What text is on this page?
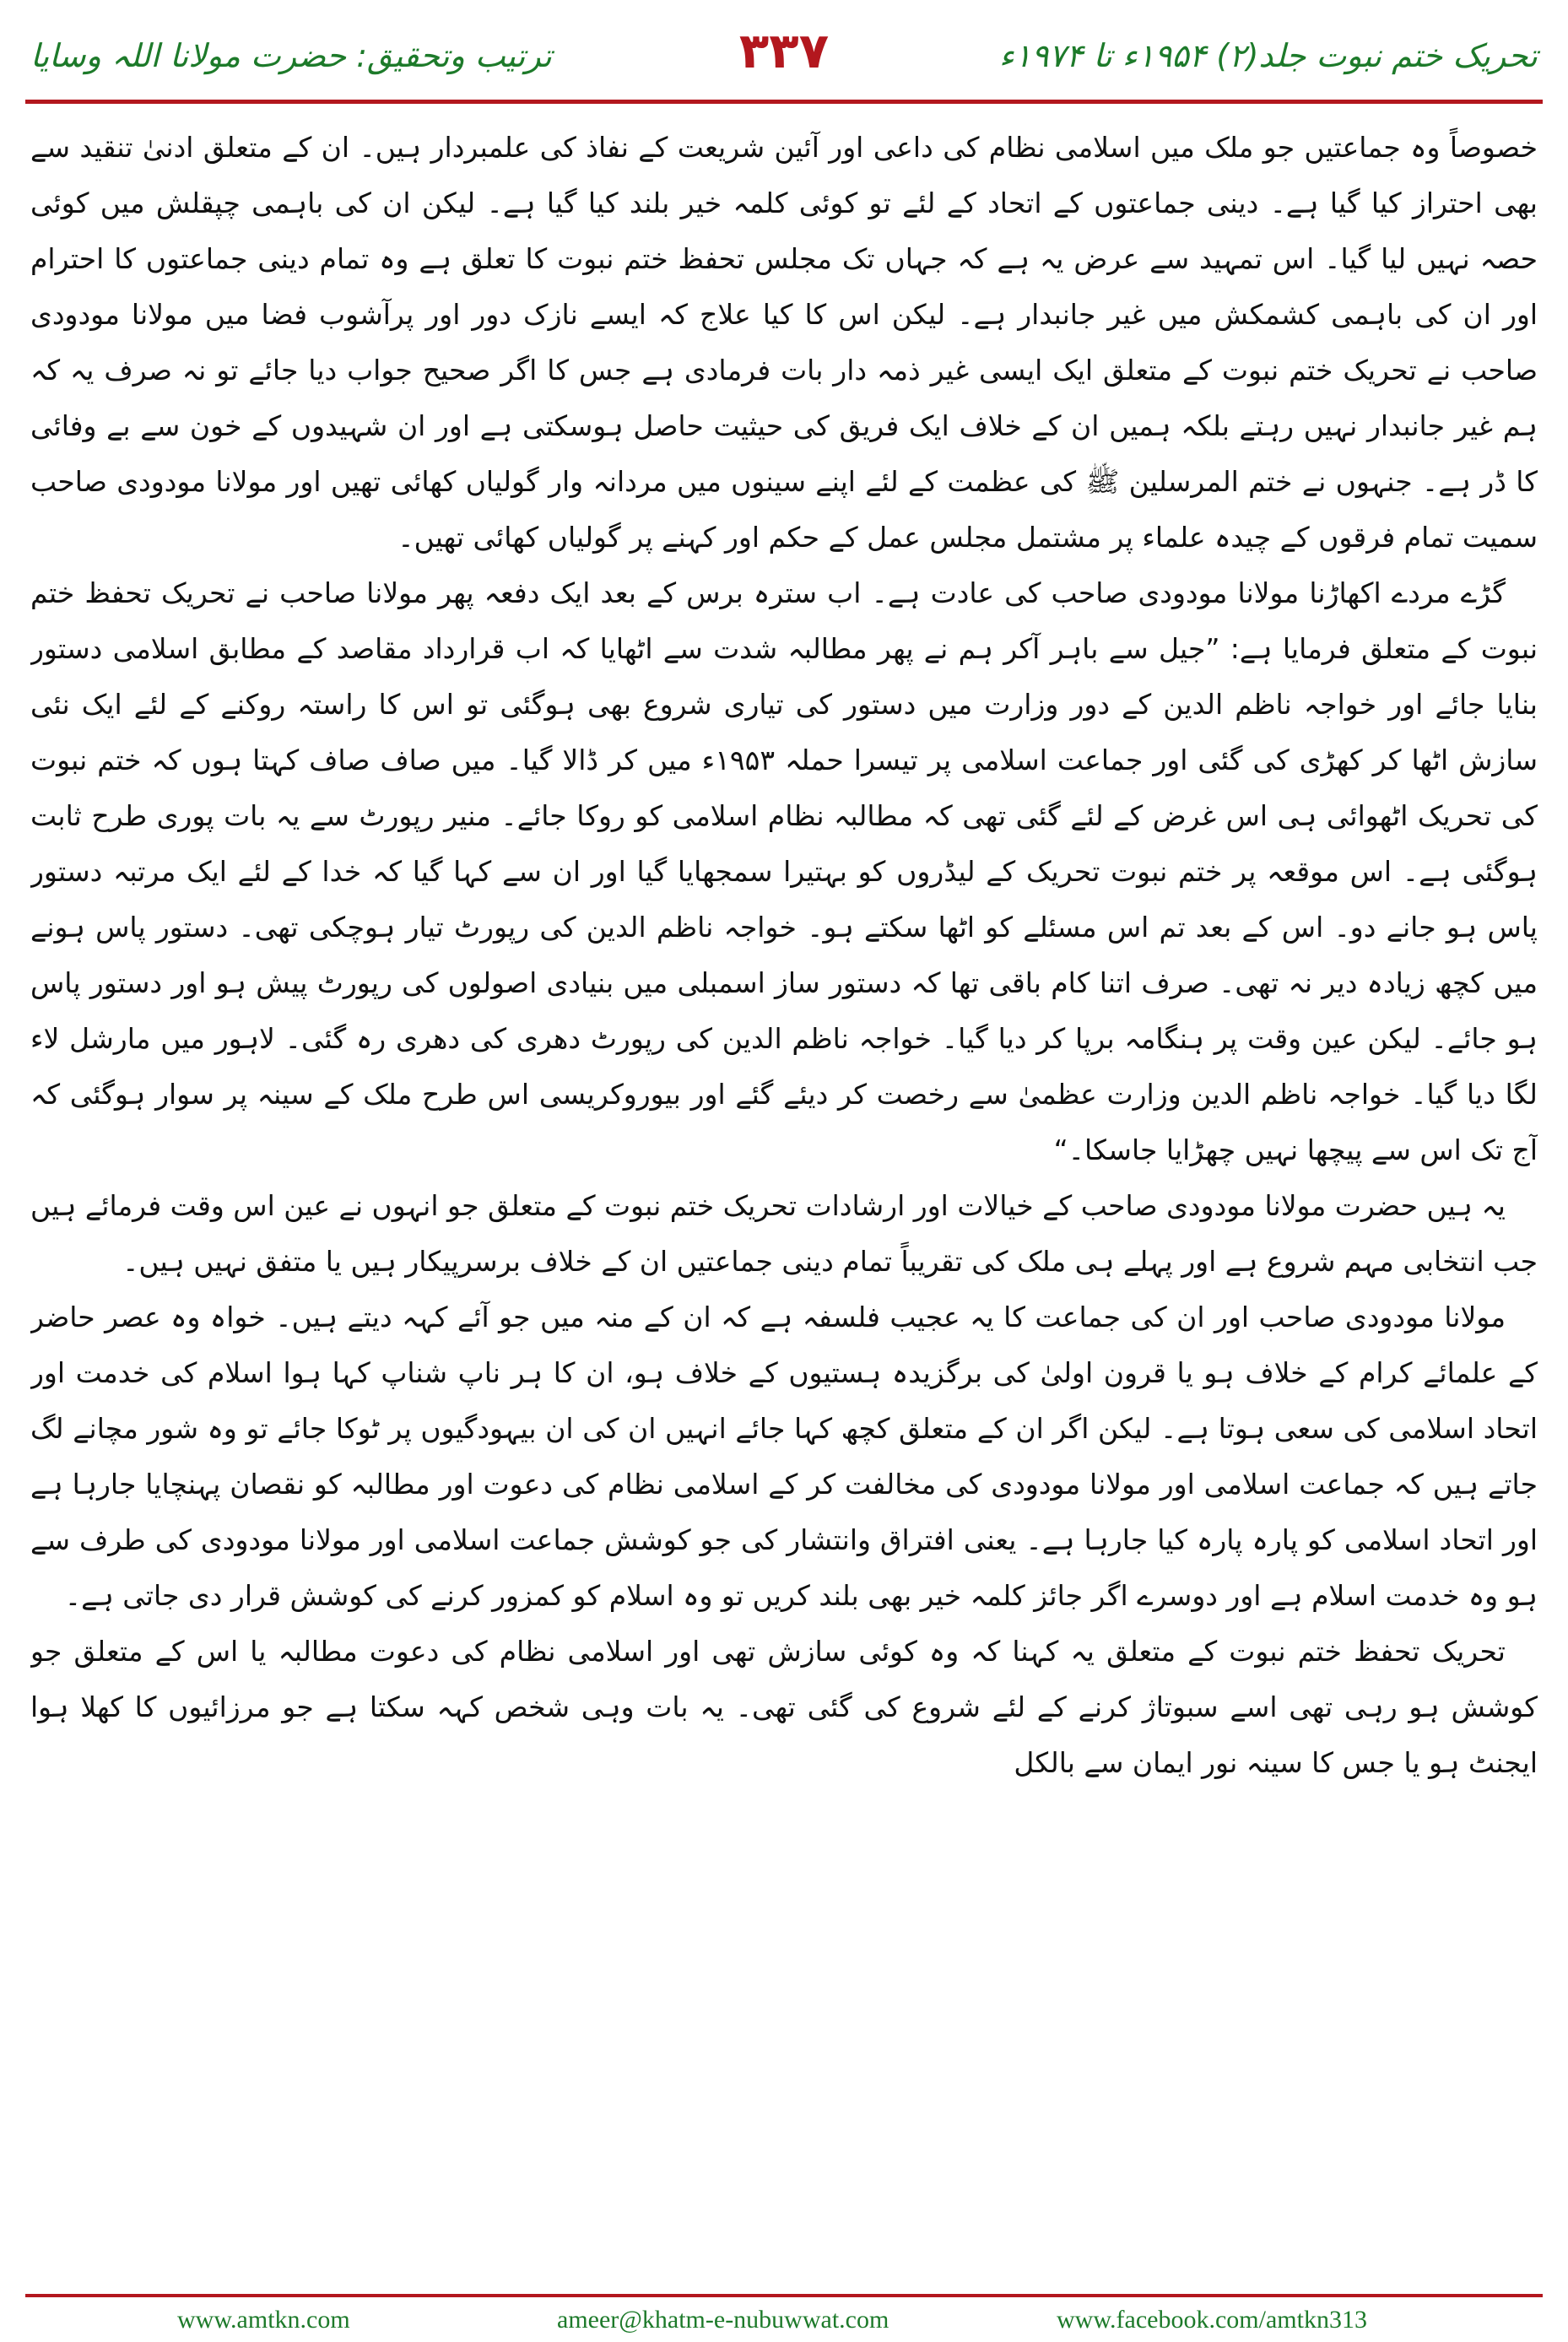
ترتیب وتحقیق: حضرت مولانا اللہ وسایا	۳۳۷	تحریک ختم نبوت جلد(۲) ۱۹۵۴ء تا ۱۹۷۴ء

خصوصاً وہ جماعتیں جو ملک میں اسلامی نظام کی داعی اور آئین شریعت کے نفاذ کی علمبردار ہیں۔ ان کے متعلق ادنیٰ تنقید سے بھی احتراز کیا گیا ہے۔ دینی جماعتوں کے اتحاد کے لئے تو کوئی کلمہ خیر بلند کیا گیا ہے۔ لیکن ان کی باہمی چپقلش میں کوئی حصہ نہیں لیا گیا۔ اس تمہید سے عرض یہ ہے کہ جہاں تک مجلس تحفظ ختم نبوت کا تعلق ہے وہ تمام دینی جماعتوں کا احترام اور ان کی باہمی کشمکش میں غیر جانبدار ہے۔ لیکن اس کا کیا علاج کہ ایسے نازک دور اور پرآشوب فضا میں مولانا مودودی صاحب نے تحریک ختم نبوت کے متعلق ایک ایسی غیر ذمہ دار بات فرمادی ہے جس کا اگر صحیح جواب دیا جائے تو نہ صرف یہ کہ ہم غیر جانبدار نہیں رہتے بلکہ ہمیں ان کے خلاف ایک فریق کی حیثیت حاصل ہوسکتی ہے اور ان شہیدوں کے خون سے بے وفائی کا ڈر ہے۔ جنہوں نے ختم المرسلین ﷺ کی عظمت کے لئے اپنے سینوں میں مردانہ وار گولیاں کھائی تھیں اور مولانا مودودی صاحب سمیت تمام فرقوں کے چیدہ علماء پر مشتمل مجلس عمل کے حکم اور کہنے پر گولیاں کھائی تھیں۔

گڑے مردے اکھاڑنا مولانا مودودی صاحب کی عادت ہے۔ اب سترہ برس کے بعد ایک دفعہ پھر مولانا صاحب نے تحریک تحفظ ختم نبوت کے متعلق فرمایا ہے: ”جیل سے باہر آکر ہم نے پھر مطالبہ شدت سے اٹھایا کہ اب قرارداد مقاصد کے مطابق اسلامی دستور بنایا جائے اور خواجہ ناظم الدین کے دور وزارت میں دستور کی تیاری شروع بھی ہوگئی تو اس کا راستہ روکنے کے لئے ایک نئی سازش اٹھا کر کھڑی کی گئی اور جماعت اسلامی پر تیسرا حملہ ۱۹۵۳ء میں کر ڈالا گیا۔ میں صاف صاف کہتا ہوں کہ ختم نبوت کی تحریک اٹھوائی ہی اس غرض کے لئے گئی تھی کہ مطالبہ نظام اسلامی کو روکا جائے۔ منیر رپورٹ سے یہ بات پوری طرح ثابت ہوگئی ہے۔ اس موقعہ پر ختم نبوت تحریک کے لیڈروں کو بہتیرا سمجھایا گیا اور ان سے کہا گیا کہ خدا کے لئے ایک مرتبہ دستور پاس ہو جانے دو۔ اس کے بعد تم اس مسئلے کو اٹھا سکتے ہو۔ خواجہ ناظم الدین کی رپورٹ تیار ہوچکی تھی۔ دستور پاس ہونے میں کچھ زیادہ دیر نہ تھی۔ صرف اتنا کام باقی تھا کہ دستور ساز اسمبلی میں بنیادی اصولوں کی رپورٹ پیش ہو اور دستور پاس ہو جائے۔ لیکن عین وقت پر ہنگامہ برپا کر دیا گیا۔ خواجہ ناظم الدین کی رپورٹ دھری کی دھری رہ گئی۔ لاہور میں مارشل لاء لگا دیا گیا۔ خواجہ ناظم الدین وزارت عظمیٰ سے رخصت کر دیئے گئے اور بیوروکریسی اس طرح ملک کے سینہ پر سوار ہوگئی کہ آج تک اس سے پیچھا نہیں چھڑایا جاسکا۔“

یہ ہیں حضرت مولانا مودودی صاحب کے خیالات اور ارشادات تحریک ختم نبوت کے متعلق جو انہوں نے عین اس وقت فرمائے ہیں جب انتخابی مہم شروع ہے اور پہلے ہی ملک کی تقریباً تمام دینی جماعتیں ان کے خلاف برسرپیکار ہیں یا متفق نہیں ہیں۔

مولانا مودودی صاحب اور ان کی جماعت کا یہ عجیب فلسفہ ہے کہ ان کے منہ میں جو آئے کہہ دیتے ہیں۔ خواہ وہ عصر حاضر کے علمائے کرام کے خلاف ہو یا قرون اولیٰ کی برگزیدہ ہستیوں کے خلاف ہو، ان کا ہر ناپ شناپ کہا ہوا اسلام کی خدمت اور اتحاد اسلامی کی سعی ہوتا ہے۔ لیکن اگر ان کے متعلق کچھ کہا جائے انہیں ان کی ان بیہودگیوں پر ٹوکا جائے تو وہ شور مچانے لگ جاتے ہیں کہ جماعت اسلامی اور مولانا مودودی کی مخالفت کر کے اسلامی نظام کی دعوت اور مطالبہ کو نقصان پہنچایا جارہا ہے اور اتحاد اسلامی کو پارہ پارہ کیا جارہا ہے۔ یعنی افتراق وانتشار کی جو کوشش جماعت اسلامی اور مولانا مودودی کی طرف سے ہو وہ خدمت اسلام ہے اور دوسرے اگر جائز کلمہ خیر بھی بلند کریں تو وہ اسلام کو کمزور کرنے کی کوشش قرار دی جاتی ہے۔

تحریک تحفظ ختم نبوت کے متعلق یہ کہنا کہ وہ کوئی سازش تھی اور اسلامی نظام کی دعوت مطالبہ یا اس کے متعلق جو کوشش ہو رہی تھی اسے سبوتاژ کرنے کے لئے شروع کی گئی تھی۔ یہ بات وہی شخص کہہ سکتا ہے جو مرزائیوں کا کھلا ہوا ایجنٹ ہو یا جس کا سینہ نور ایمان سے بالکل

www.amtkn.com	ameer@khatm-e-nubuwwat.com	www.facebook.com/amtkn313
